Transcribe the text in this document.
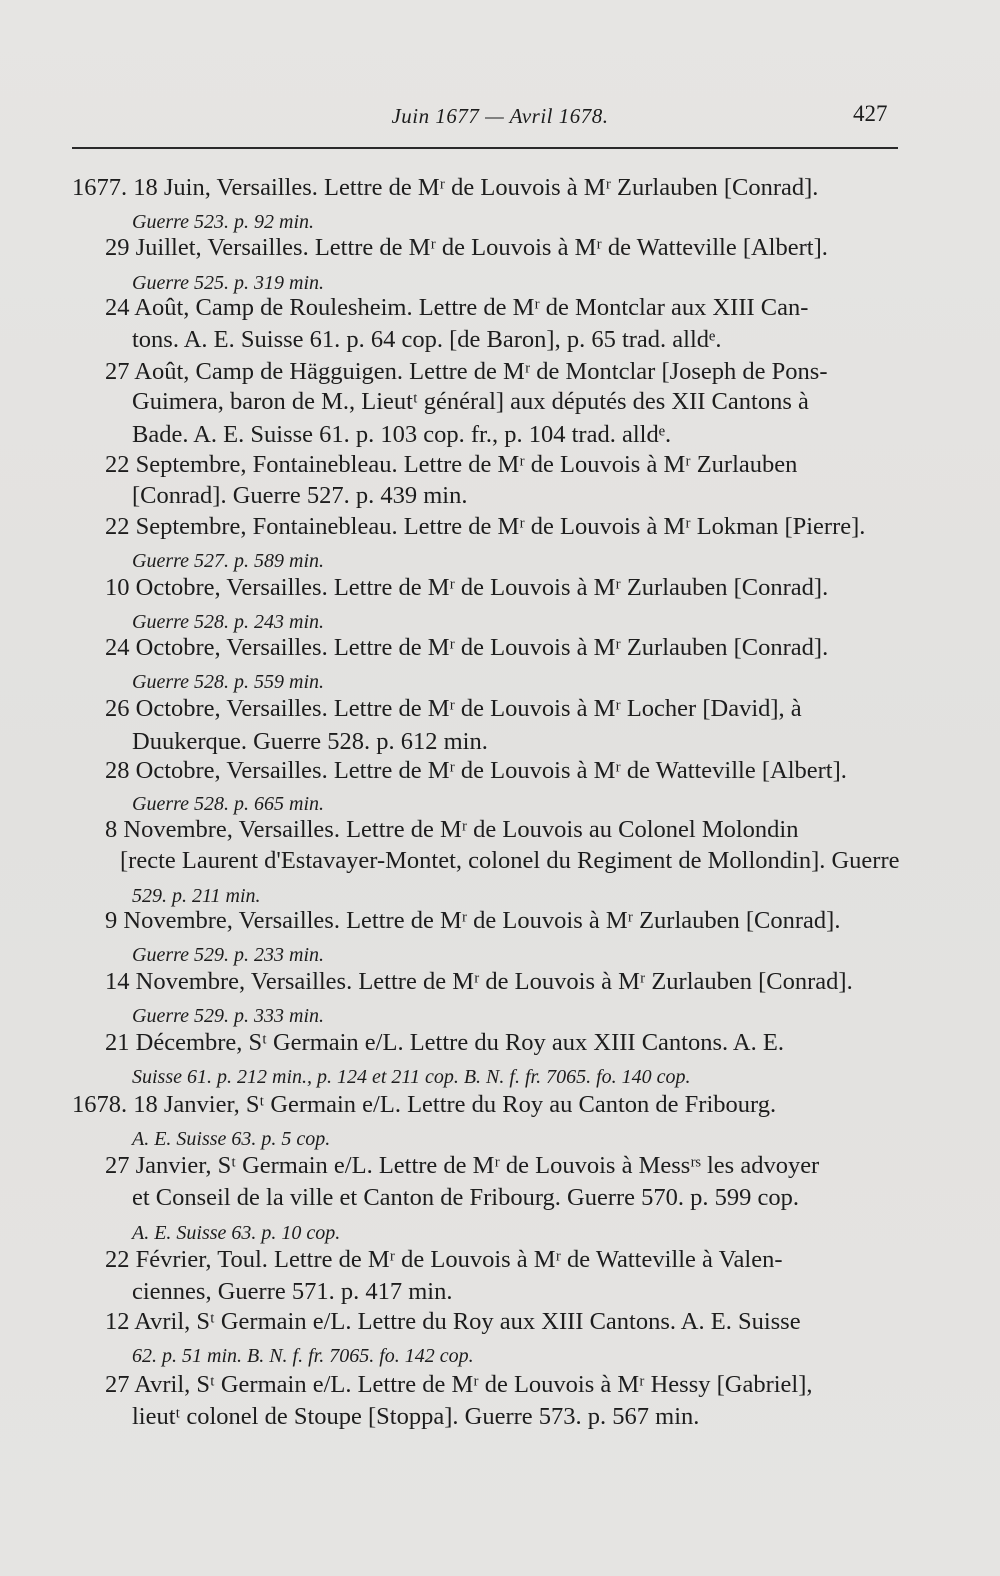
Juin 1677 — Avril 1678.	427
1677. 18 Juin, Versailles. Lettre de Mʳ de Louvois à Mʳ Zurlauben [Conrad].
Guerre 523. p. 92 min.
29 Juillet, Versailles. Lettre de Mʳ de Louvois à Mʳ de Watteville [Albert].
Guerre 525. p. 319 min.
24 Août, Camp de Roulesheim. Lettre de Mʳ de Montclar aux XIII Can-
tons. A. E. Suisse 61. p. 64 cop. [de Baron], p. 65 trad. alldᵉ.
27 Août, Camp de Hägguigen. Lettre de Mʳ de Montclar [Joseph de Pons-
Guimera, baron de M., Lieutᵗ général] aux députés des XII Cantons à
Bade. A. E. Suisse 61. p. 103 cop. fr., p. 104 trad. alldᵉ.
22 Septembre, Fontainebleau. Lettre de Mʳ de Louvois à Mʳ Zurlauben
[Conrad]. Guerre 527. p. 439 min.
22 Septembre, Fontainebleau. Lettre de Mʳ de Louvois à Mʳ Lokman [Pierre].
Guerre 527. p. 589 min.
10 Octobre, Versailles. Lettre de Mʳ de Louvois à Mʳ Zurlauben [Conrad].
Guerre 528. p. 243 min.
24 Octobre, Versailles. Lettre de Mʳ de Louvois à Mʳ Zurlauben [Conrad].
Guerre 528. p. 559 min.
26 Octobre, Versailles. Lettre de Mʳ de Louvois à Mʳ Locher [David], à
Duukerque. Guerre 528. p. 612 min.
28 Octobre, Versailles. Lettre de Mʳ de Louvois à Mʳ de Watteville [Albert].
Guerre 528. p. 665 min.
8 Novembre, Versailles. Lettre de Mʳ de Louvois au Colonel Molondin
[recte Laurent d'Estavayer-Montet, colonel du Regiment de Mollondin]. Guerre
529. p. 211 min.
9 Novembre, Versailles. Lettre de Mʳ de Louvois à Mʳ Zurlauben [Conrad].
Guerre 529. p. 233 min.
14 Novembre, Versailles. Lettre de Mʳ de Louvois à Mʳ Zurlauben [Conrad].
Guerre 529. p. 333 min.
21 Décembre, Sᵗ Germain e/L. Lettre du Roy aux XIII Cantons. A. E.
Suisse 61. p. 212 min., p. 124 et 211 cop. B. N. f. fr. 7065. fo. 140 cop.
1678. 18 Janvier, Sᵗ Germain e/L. Lettre du Roy au Canton de Fribourg.
A. E. Suisse 63. p. 5 cop.
27 Janvier, Sᵗ Germain e/L. Lettre de Mʳ de Louvois à Messʳˢ les advoyer
et Conseil de la ville et Canton de Fribourg. Guerre 570. p. 599 cop.
A. E. Suisse 63. p. 10 cop.
22 Février, Toul. Lettre de Mʳ de Louvois à Mʳ de Watteville à Valen-
ciennes, Guerre 571. p. 417 min.
12 Avril, Sᵗ Germain e/L. Lettre du Roy aux XIII Cantons. A. E. Suisse
62. p. 51 min. B. N. f. fr. 7065. fo. 142 cop.
27 Avril, Sᵗ Germain e/L. Lettre de Mʳ de Louvois à Mʳ Hessy [Gabriel],
lieutᵗ colonel de Stoupe [Stoppa]. Guerre 573. p. 567 min.
